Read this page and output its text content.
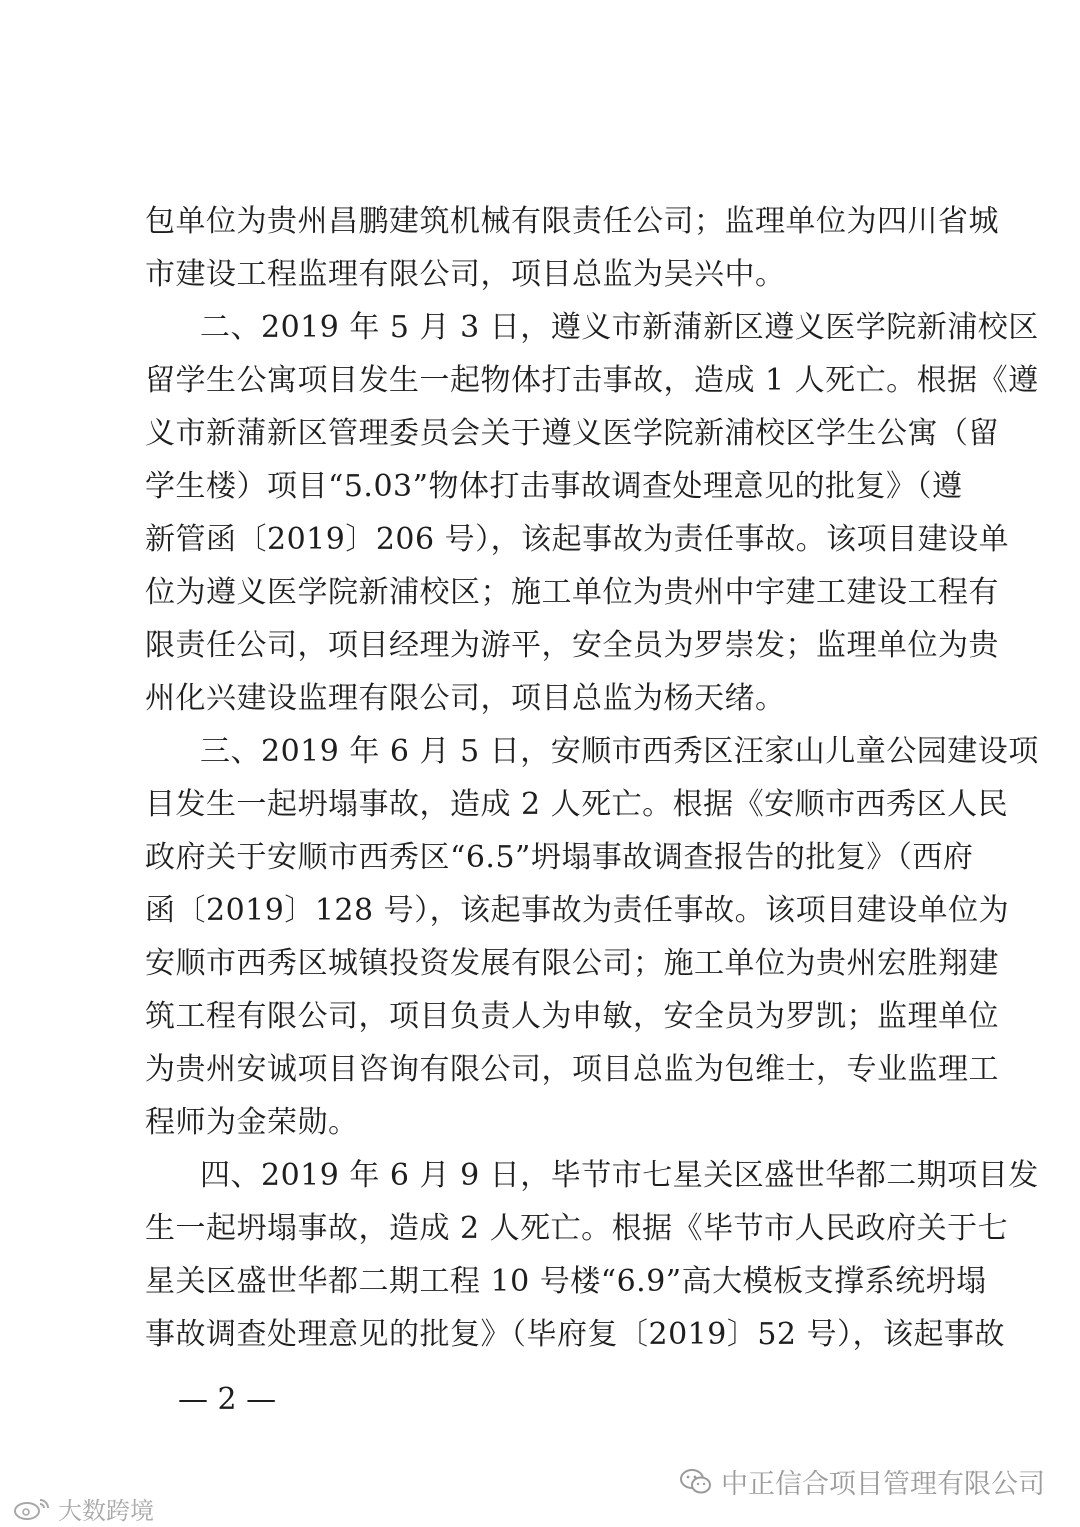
包单位为贵州昌鹏建筑机械有限责任公司；监理单位为四川省城
市建设工程监理有限公司，项目总监为吴兴中。
二、2019 年 5 月 3 日，遵义市新蒲新区遵义医学院新浦校区
留学生公寓项目发生一起物体打击事故，造成 1 人死亡。根据《遵
义市新蒲新区管理委员会关于遵义医学院新浦校区学生公寓（留
学生楼）项目“5.03”物体打击事故调查处理意见的批复》（遵
新管函〔2019〕206 号），该起事故为责任事故。该项目建设单
位为遵义医学院新浦校区；施工单位为贵州中宇建工建设工程有
限责任公司，项目经理为游平，安全员为罗崇发；监理单位为贵
州化兴建设监理有限公司，项目总监为杨天绪。
三、2019 年 6 月 5 日，安顺市西秀区汪家山儿童公园建设项
目发生一起坍塌事故，造成 2 人死亡。根据《安顺市西秀区人民
政府关于安顺市西秀区“6.5”坍塌事故调查报告的批复》（西府
函〔2019〕128 号），该起事故为责任事故。该项目建设单位为
安顺市西秀区城镇投资发展有限公司；施工单位为贵州宏胜翔建
筑工程有限公司，项目负责人为申敏，安全员为罗凯；监理单位
为贵州安诚项目咨询有限公司，项目总监为包维士，专业监理工
程师为金荣勋。
四、2019 年 6 月 9 日，毕节市七星关区盛世华都二期项目发
生一起坍塌事故，造成 2 人死亡。根据《毕节市人民政府关于七
星关区盛世华都二期工程 10 号楼“6.9”高大模板支撑系统坍塌
事故调查处理意见的批复》（毕府复〔2019〕52 号），该起事故
— 2 —
中正信合项目管理有限公司
大数跨境
